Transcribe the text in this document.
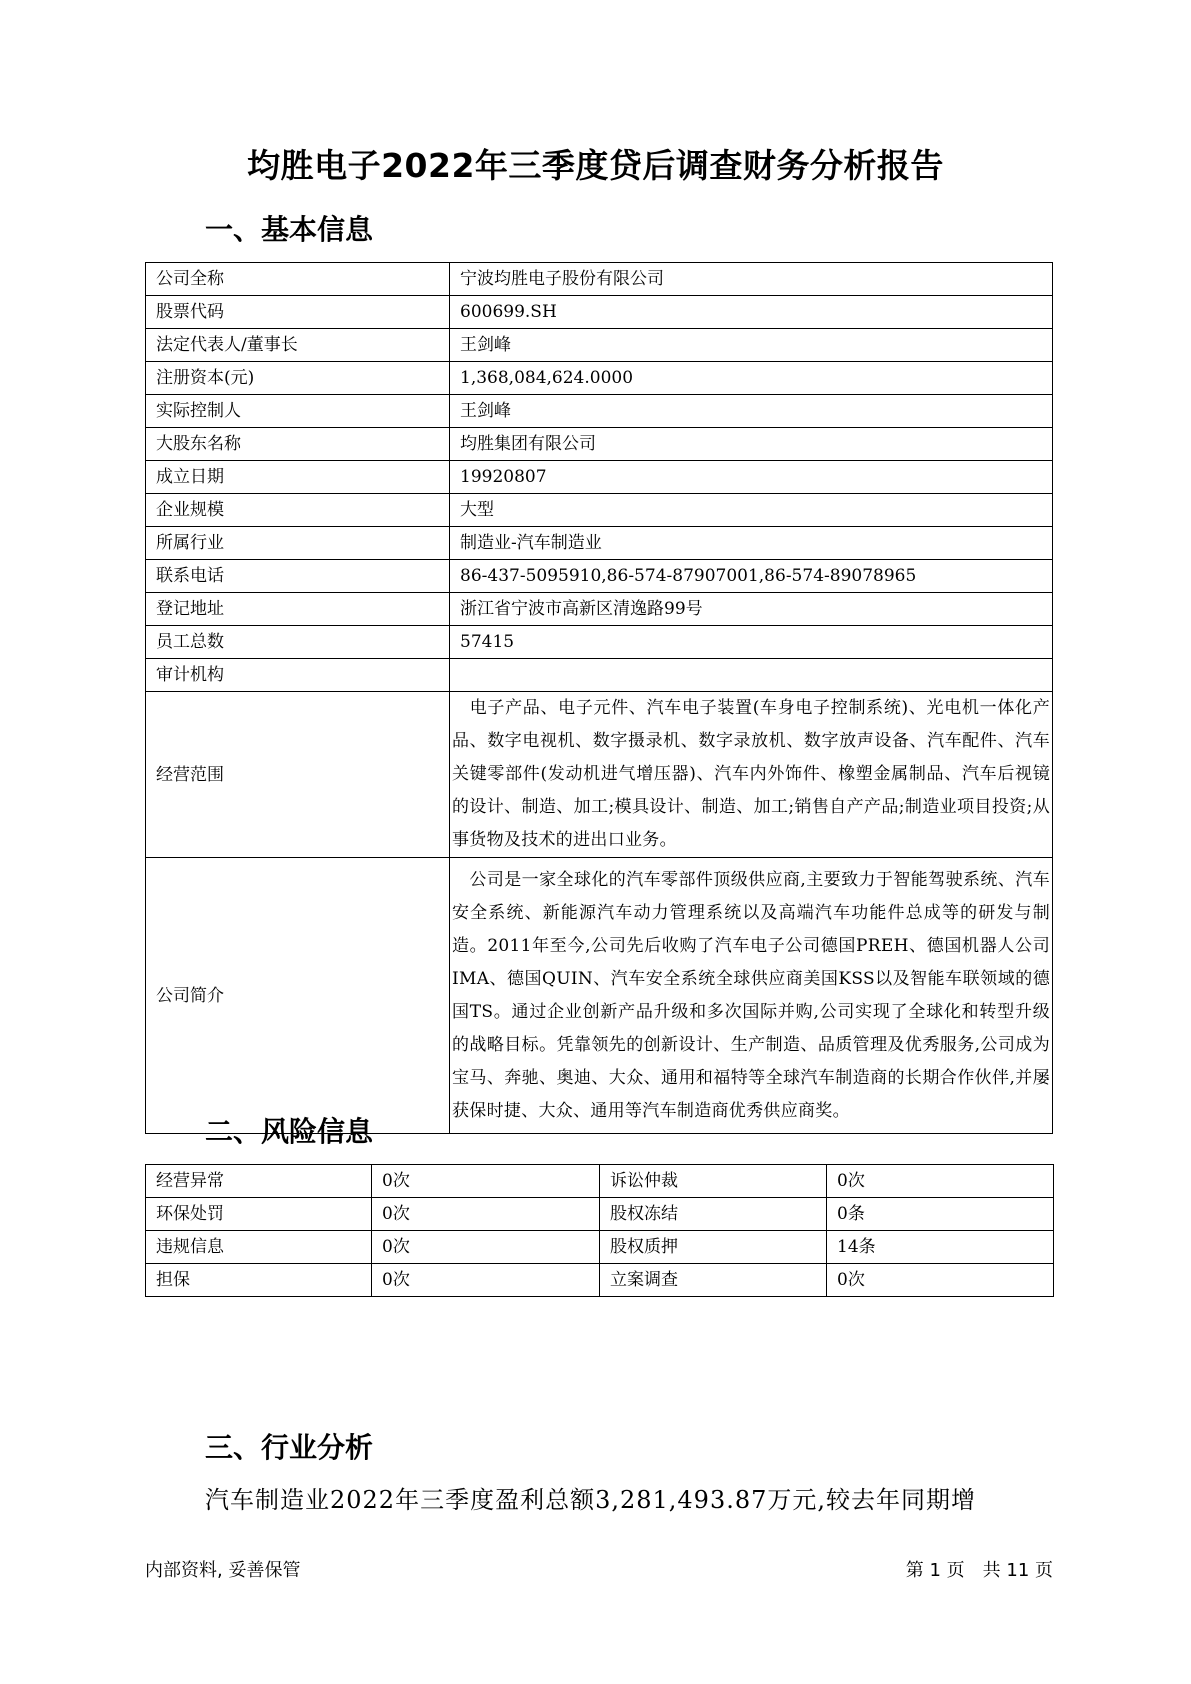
均胜电子2022年三季度贷后调查财务分析报告
一、基本信息
公司全称	宁波均胜电子股份有限公司
股票代码	600699.SH
法定代表人/董事长	王剑峰
注册资本(元)	1,368,084,624.0000
实际控制人	王剑峰
大股东名称	均胜集团有限公司
成立日期	19920807
企业规模	大型
所属行业	制造业-汽车制造业
联系电话	86-437-5095910,86-574-87907001,86-574-89078965
登记地址	浙江省宁波市高新区清逸路99号
员工总数	57415
审计机构	
经营范围	　电子产品、电子元件、汽车电子装置(车身电子控制系统)、光电机一体化产品、数字电视机、数字摄录机、数字录放机、数字放声设备、汽车配件、汽车关键零部件(发动机进气增压器)、汽车内外饰件、橡塑金属制品、汽车后视镜的设计、制造、加工;模具设计、制造、加工;销售自产产品;制造业项目投资;从事货物及技术的进出口业务。
公司简介	　公司是一家全球化的汽车零部件顶级供应商,主要致力于智能驾驶系统、汽车安全系统、新能源汽车动力管理系统以及高端汽车功能件总成等的研发与制造。2011年至今,公司先后收购了汽车电子公司德国PREH、德国机器人公司IMA、德国QUIN、汽车安全系统全球供应商美国KSS以及智能车联领域的德国TS。通过企业创新产品升级和多次国际并购,公司实现了全球化和转型升级的战略目标。凭靠领先的创新设计、生产制造、品质管理及优秀服务,公司成为宝马、奔驰、奥迪、大众、通用和福特等全球汽车制造商的长期合作伙伴,并屡获保时捷、大众、通用等汽车制造商优秀供应商奖。
二、风险信息
经营异常	0次	诉讼仲裁	0次
环保处罚	0次	股权冻结	0条
违规信息	0次	股权质押	14条
担保	0次	立案调查	0次
三、行业分析
汽车制造业2022年三季度盈利总额3,281,493.87万元,较去年同期增
内部资料, 妥善保管	第 1 页　共 11 页
